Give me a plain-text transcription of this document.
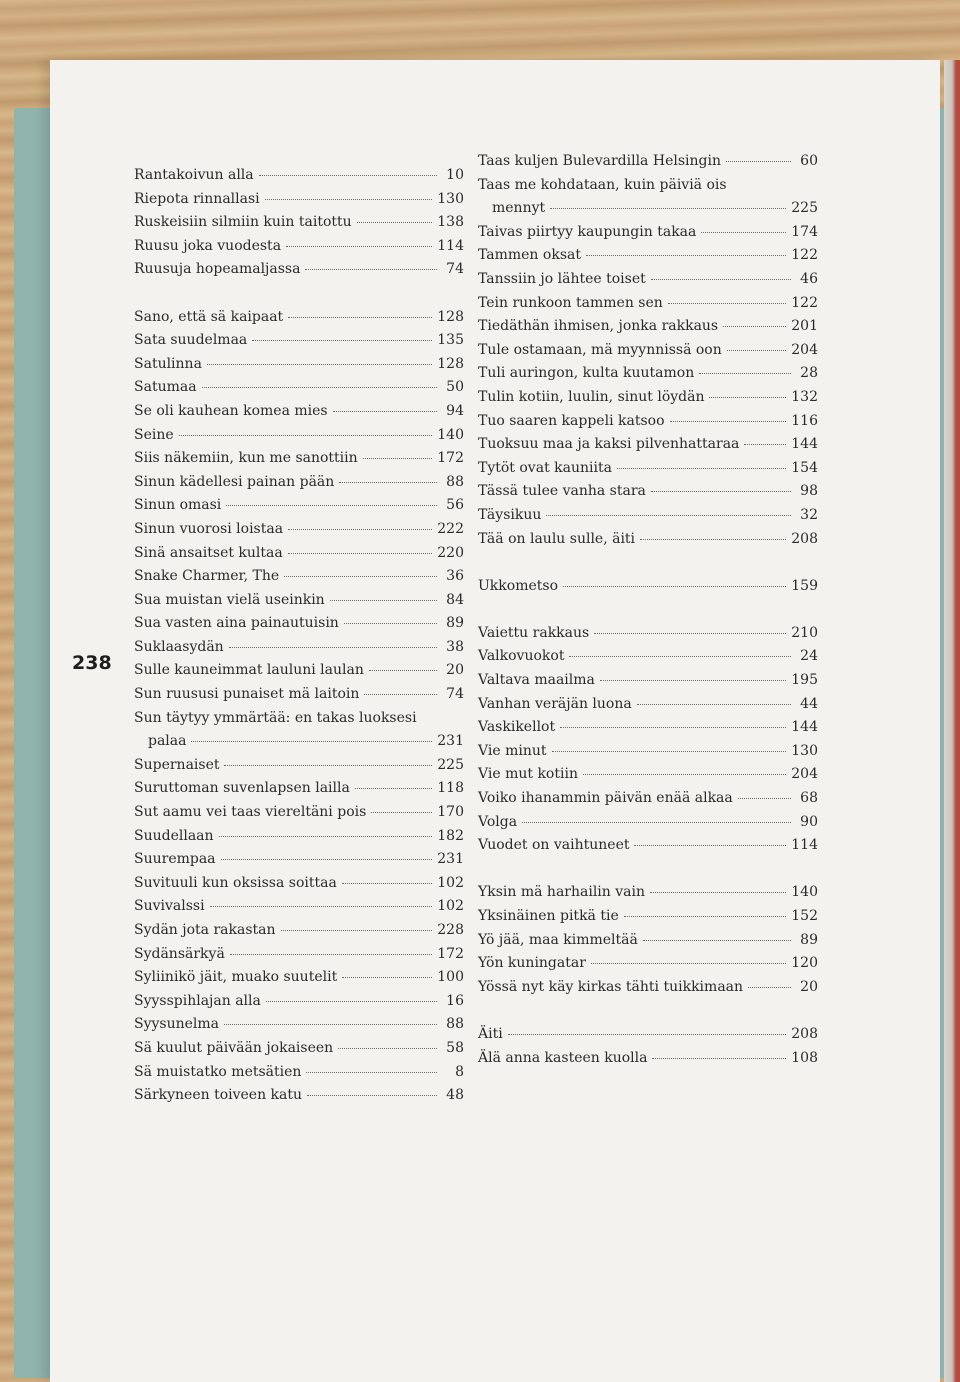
238
Rantakoivun alla	10
Riepota rinnallasi	130
Ruskeisiin silmiin kuin taitottu	138
Ruusu joka vuodesta	114
Ruusuja hopeamaljassa	74
Sano, että sä kaipaat	128
Sata suudelmaa	135
Satulinna	128
Satumaa	50
Se oli kauhean komea mies	94
Seine	140
Siis näkemiin, kun me sanottiin	172
Sinun kädellesi painan pään	88
Sinun omasi	56
Sinun vuorosi loistaa	222
Sinä ansaitset kultaa	220
Snake Charmer, The	36
Sua muistan vielä useinkin	84
Sua vasten aina painautuisin	89
Suklaasydän	38
Sulle kauneimmat lauluni laulan	20
Sun ruususi punaiset mä laitoin	74
Sun täytyy ymmärtää: en takas luoksesi
palaa	231
Supernaiset	225
Suruttoman suvenlapsen lailla	118
Sut aamu vei taas viereltäni pois	170
Suudellaan	182
Suurempaa	231
Suvituuli kun oksissa soittaa	102
Suvivalssi	102
Sydän jota rakastan	228
Sydänsärkyä	172
Syliinikö jäit, muako suutelit	100
Syysspihlajan alla	16
Syysunelma	88
Sä kuulut päivään jokaiseen	58
Sä muistatko metsätien	8
Särkyneen toiveen katu	48
Taas kuljen Bulevardilla Helsingin	60
Taas me kohdataan, kuin päiviä ois
mennyt	225
Taivas piirtyy kaupungin takaa	174
Tammen oksat	122
Tanssiin jo lähtee toiset	46
Tein runkoon tammen sen	122
Tiedäthän ihmisen, jonka rakkaus	201
Tule ostamaan, mä myynnissä oon	204
Tuli auringon, kulta kuutamon	28
Tulin kotiin, luulin, sinut löydän	132
Tuo saaren kappeli katsoo	116
Tuoksuu maa ja kaksi pilvenhattaraa	144
Tytöt ovat kauniita	154
Tässä tulee vanha stara	98
Täysikuu	32
Tää on laulu sulle, äiti	208
Ukkometso	159
Vaiettu rakkaus	210
Valkovuokot	24
Valtava maailma	195
Vanhan veräjän luona	44
Vaskikellot	144
Vie minut	130
Vie mut kotiin	204
Voiko ihanammin päivän enää alkaa	68
Volga	90
Vuodet on vaihtuneet	114
Yksin mä harhailin vain	140
Yksinäinen pitkä tie	152
Yö jää, maa kimmeltää	89
Yön kuningatar	120
Yössä nyt käy kirkas tähti tuikkimaan	20
Äiti	208
Älä anna kasteen kuolla	108
